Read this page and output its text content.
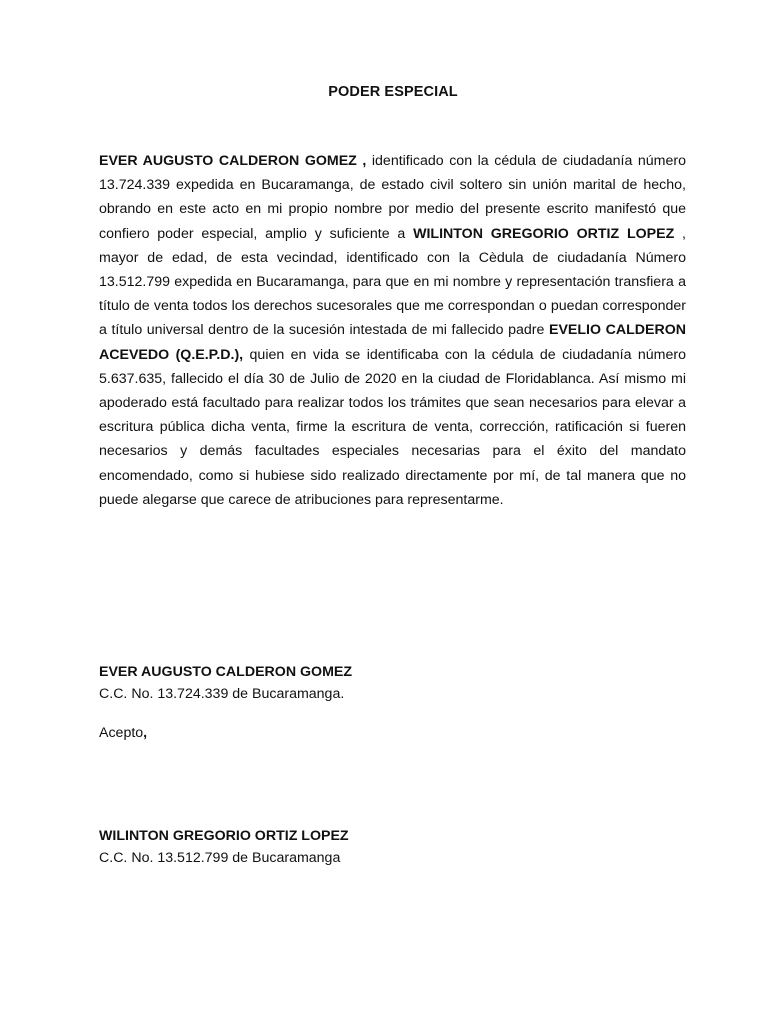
PODER ESPECIAL

EVER AUGUSTO CALDERON GOMEZ , identificado con la cédula de ciudadanía número 13.724.339 expedida en Bucaramanga, de estado civil soltero sin unión marital de hecho, obrando en este acto en mi propio nombre por medio del presente escrito manifestó que confiero poder especial, amplio y suficiente a WILINTON GREGORIO ORTIZ LOPEZ , mayor de edad, de esta vecindad, identificado con la Cèdula de ciudadanía Número 13.512.799 expedida en Bucaramanga, para que en mi nombre y representación transfiera a título de venta todos los derechos sucesorales que me correspondan o puedan corresponder a título universal dentro de la sucesión intestada de mi fallecido padre EVELIO CALDERON ACEVEDO (Q.E.P.D.), quien en vida se identificaba con la cédula de ciudadanía número 5.637.635, fallecido el día 30 de Julio de 2020 en la ciudad de Floridablanca. Así mismo mi apoderado está facultado para realizar todos los trámites que sean necesarios para elevar a escritura pública dicha venta, firme la escritura de venta, corrección, ratificación si fueren necesarios y demás facultades especiales necesarias para el éxito del mandato encomendado, como si hubiese sido realizado directamente por mí, de tal manera que no puede alegarse que carece de atribuciones para representarme.

EVER AUGUSTO CALDERON GOMEZ
C.C. No. 13.724.339 de Bucaramanga.
Acepto,
WILINTON GREGORIO ORTIZ LOPEZ
C.C. No. 13.512.799 de Bucaramanga
